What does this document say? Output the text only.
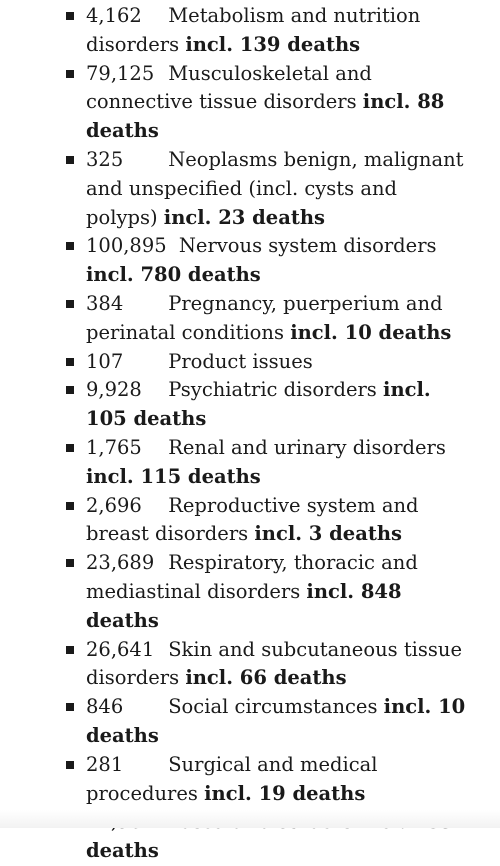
4,162 Metabolism and nutrition disorders incl. 139 deaths
79,125 Musculoskeletal and connective tissue disorders incl. 88 deaths
325 Neoplasms benign, malignant and unspecified (incl. cysts and polyps) incl. 23 deaths
100,895 Nervous system disorders incl. 780 deaths
384 Pregnancy, puerperium and perinatal conditions incl. 10 deaths
107 Product issues
9,928 Psychiatric disorders incl. 105 deaths
1,765 Renal and urinary disorders incl. 115 deaths
2,696 Reproductive system and breast disorders incl. 3 deaths
23,689 Respiratory, thoracic and mediastinal disorders incl. 848 deaths
26,641 Skin and subcutaneous tissue disorders incl. 66 deaths
846 Social circumstances incl. 10 deaths
281 Surgical and medical procedures incl. 19 deaths
deaths
